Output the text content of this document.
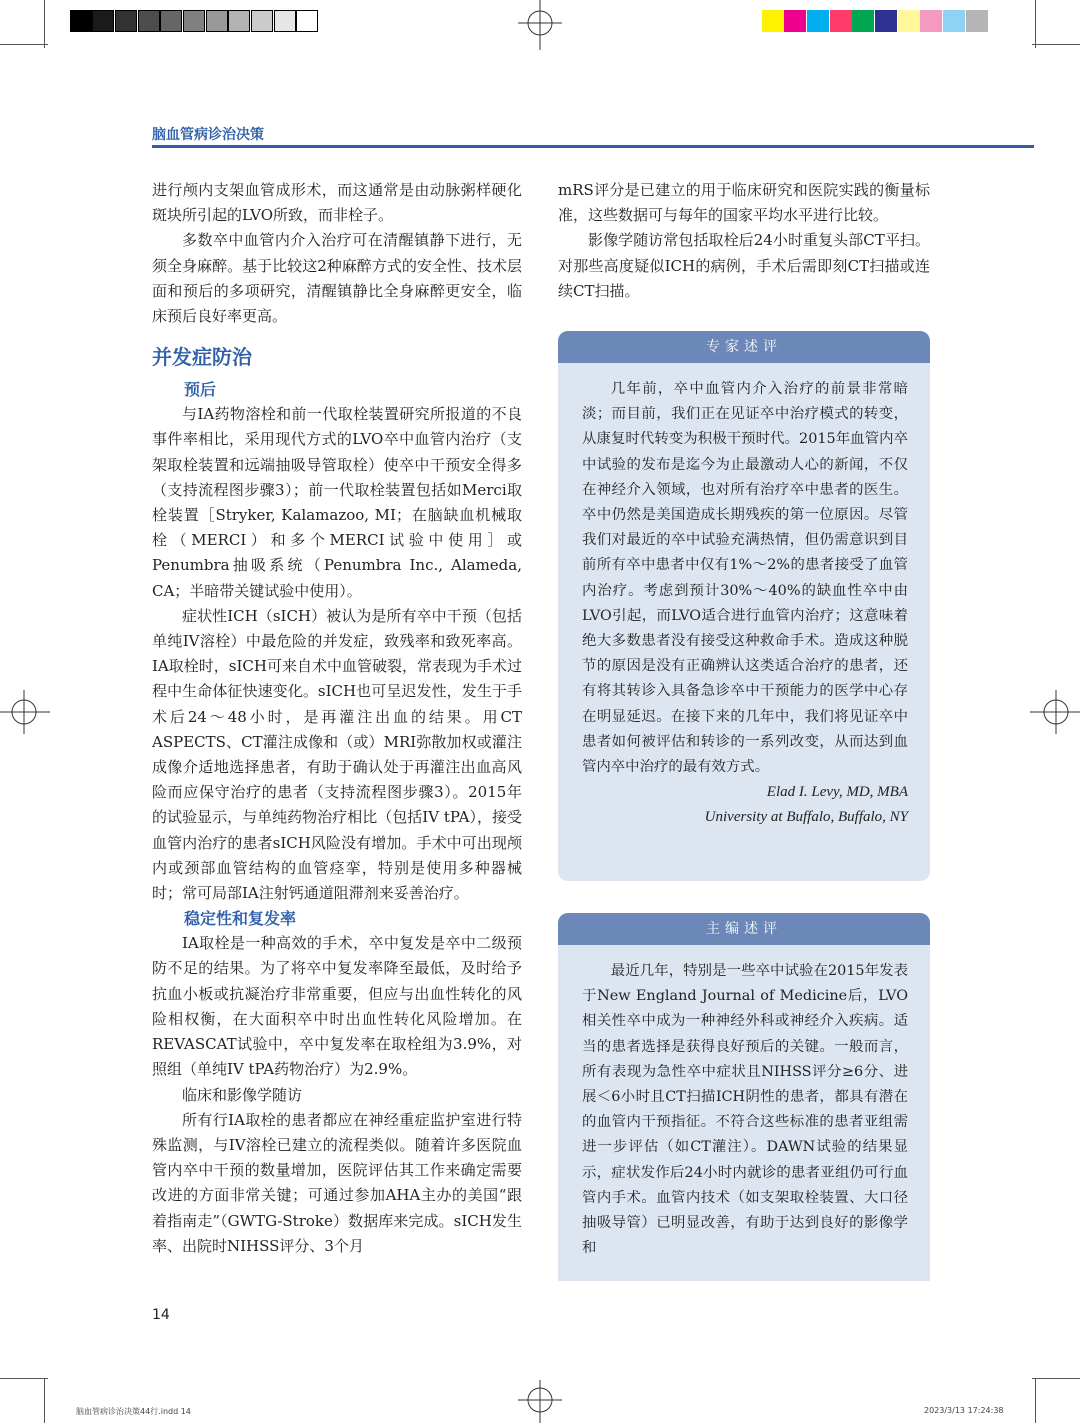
脑血管病诊治决策

进行颅内支架血管成形术，而这通常是由动脉粥样硬化斑块所引起的LVO所致，而非栓子。

多数卒中血管内介入治疗可在清醒镇静下进行，无须全身麻醉。基于比较这2种麻醉方式的安全性、技术层面和预后的多项研究，清醒镇静比全身麻醉更安全，临床预后良好率更高。

并发症防治

预后

与IA药物溶栓和前一代取栓装置研究所报道的不良事件率相比，采用现代方式的LVO卒中血管内治疗（支架取栓装置和远端抽吸导管取栓）使卒中干预安全得多（支持流程图步骤3）；前一代取栓装置包括如Merci取栓装置［Stryker, Kalamazoo, MI；在脑缺血机械取栓（MERCI）和多个MERCI试验中使用］或Penumbra抽吸系统（Penumbra Inc., Alameda, CA；半暗带关键试验中使用）。

症状性ICH（sICH）被认为是所有卒中干预（包括单纯IV溶栓）中最危险的并发症，致残率和致死率高。IA取栓时，sICH可来自术中血管破裂，常表现为手术过程中生命体征快速变化。sICH也可呈迟发性，发生于手术后24～48小时，是再灌注出血的结果。用CT ASPECTS、CT灌注成像和（或）MRI弥散加权或灌注成像介适地选择患者，有助于确认处于再灌注出血高风险而应保守治疗的患者（支持流程图步骤3）。2015年的试验显示，与单纯药物治疗相比（包括IV tPA），接受血管内治疗的患者sICH风险没有增加。手术中可出现颅内或颈部血管结构的血管痉挛，特别是使用多种器械时；常可局部IA注射钙通道阻滞剂来妥善治疗。

稳定性和复发率

IA取栓是一种高效的手术，卒中复发是卒中二级预防不足的结果。为了将卒中复发率降至最低，及时给予抗血小板或抗凝治疗非常重要，但应与出血性转化的风险相权衡，在大面积卒中时出血性转化风险增加。在REVASCAT试验中，卒中复发率在取栓组为3.9%，对照组（单纯IV tPA药物治疗）为2.9%。

临床和影像学随访

所有行IA取栓的患者都应在神经重症监护室进行特殊监测，与IV溶栓已建立的流程类似。随着许多医院血管内卒中干预的数量增加，医院评估其工作来确定需要改进的方面非常关键；可通过参加AHA主办的美国“跟着指南走”（GWTG-Stroke）数据库来完成。sICH发生率、出院时NIHSS评分、3个月

mRS评分是已建立的用于临床研究和医院实践的衡量标准，这些数据可与每年的国家平均水平进行比较。

影像学随访常包括取栓后24小时重复头部CT平扫。对那些高度疑似ICH的病例，手术后需即刻CT扫描或连续CT扫描。

专家述评

几年前，卒中血管内介入治疗的前景非常暗淡；而目前，我们正在见证卒中治疗模式的转变，从康复时代转变为积极干预时代。2015年血管内卒中试验的发布是迄今为止最激动人心的新闻，不仅在神经介入领域，也对所有治疗卒中患者的医生。卒中仍然是美国造成长期残疾的第一位原因。尽管我们对最近的卒中试验充满热情，但仍需意识到目前所有卒中患者中仅有1%～2%的患者接受了血管内治疗。考虑到预计30%～40%的缺血性卒中由LVO引起，而LVO适合进行血管内治疗；这意味着绝大多数患者没有接受这种救命手术。造成这种脱节的原因是没有正确辨认这类适合治疗的患者，还有将其转诊入具备急诊卒中干预能力的医学中心存在明显延迟。在接下来的几年中，我们将见证卒中患者如何被评估和转诊的一系列改变，从而达到血管内卒中治疗的最有效方式。

Elad I. Levy, MD, MBA

University at Buffalo, Buffalo, NY

主编述评

最近几年，特别是一些卒中试验在2015年发表于New England Journal of Medicine后，LVO相关性卒中成为一种神经外科或神经介入疾病。适当的患者选择是获得良好预后的关键。一般而言，所有表现为急性卒中症状且NIHSS评分≥6分、进展＜6小时且CT扫描ICH阴性的患者，都具有潜在的血管内干预指征。不符合这些标准的患者亚组需进一步评估（如CT灌注）。DAWN试验的结果显示，症状发作后24小时内就诊的患者亚组仍可行血管内手术。血管内技术（如支架取栓装置、大口径抽吸导管）已明显改善，有助于达到良好的影像学和

14
脑血管病诊治决策44行.indd 14	2023/3/13 17:24:38
